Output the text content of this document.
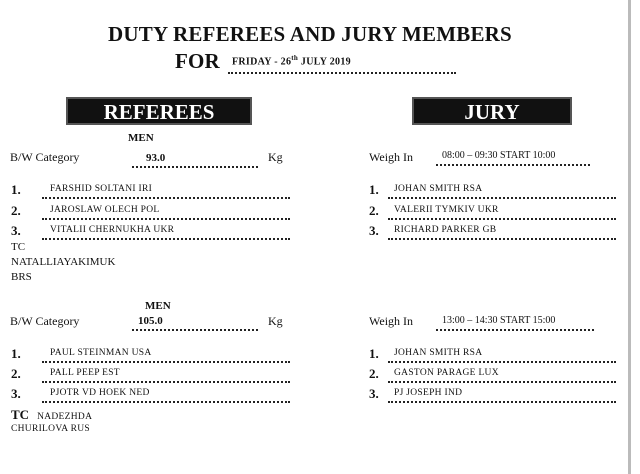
DUTY REFEREES AND JURY MEMBERS
FOR FRIDAY - 26th JULY 2019
REFEREES	JURY
MEN
B/W Category	93.0	Kg	Weigh In	08:00 – 09:30 START 10:00
1.	FARSHID SOLTANI IRI
2.	JAROSLAW OLECH POL
3.	VITALII CHERNUKHA UKR
1. JOHAN SMITH RSA
2. VALERII TYMKIV UKR
3. RICHARD PARKER GB
TC
NATALLIAYAKIMUK
BRS
MEN
B/W Category	105.0	Kg	Weigh In	13:00 – 14:30 START 15:00
1.	PAUL STEINMAN USA
2.	PALL PEEP EST
3.	PJOTR VD HOEK NED
1. JOHAN SMITH RSA
2. GASTON PARAGE LUX
3. PJ JOSEPH IND
TC NADEZHDA
CHURILOVA RUS
